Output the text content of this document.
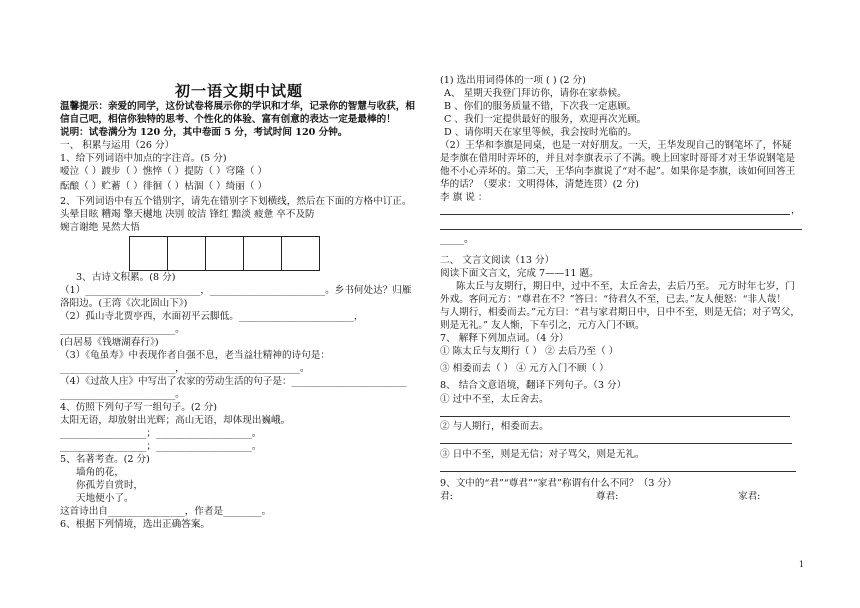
初一语文期中试题
温馨提示：亲爱的同学，这份试卷将展示你的学识和才华，记录你的智慧与收获，相
信自己吧，相信你独特的思考、个性化的体验、富有创意的表达一定是最棒的！
说明：试卷满分为 120 分，其中卷面 5 分，考试时间 120 分钟。
一、 积累与运用（26 分）
1、给下列词语中加点的字注音。(5 分)
嗳泣（ ）踱步（ ）憔悴（ ）提防（ ）穹隆（ ）
酝酿（ ）贮蓄（ ）徘徊（ ）枯涸（ ）绮丽（ ）
2、下列词语中有五个错别字，请先在错别字下划横线，然后在下面的方格中订正。
头晕目眩 糟竭 擎天樾地 决别 皎洁 锋红 黯淡 疲惫 卒不及防
婉言谢绝 晃然大悟
3、古诗文积累。(8 分)
（1）________________________，________________________。乡书何处达？归雁
洛阳边。(王湾《次北固山下》)
（2）孤山寺北贾亭西，水面初平云脚低。________________________，
________________________。
(白居易《钱塘湖春行》)
（3）《龟虽寿》中表现作者自强不息，老当益壮精神的诗句是：
________________________，________________________。
（4）《过故人庄》中写出了农家的劳动生活的句子是：________________________
________________________。
4、仿照下列句子写一组句子。(2 分)
太阳无语，却放射出光辉；高山无语，却体现出巍峨。
__________________；____________________。
__________________；____________________。
5、名著考查。(2 分)
墙角的花，
你孤芳自赏时，
天地便小了。
这首诗出自________________，作者是________。
6、根据下列情境，选出正确答案。
(1) 选出用词得体的一项 ( ) (2 分)
A、 星期天我登门拜访你，请你在家恭候。
B 、你们的服务质量不错，下次我一定惠顾。
C 、我们一定提供最好的服务，欢迎再次光顾。
D 、请你明天在家里等候，我会按时光临的。
（2）王华和李旗是同桌，也是一对好朋友。一天，王华发现自己的钢笔坏了，怀疑
是李旗在借用时弄坏的，并且对李旗表示了不满。晚上回家时哥哥才对王华说钢笔是
他不小心弄坏的。第二天，王华向李旗说了“对不起”。如果你是李旗，该如何回答王
华的话？（要求：文明得体，清楚连贯）(2 分)
李 旗 说 ：
，
_____。
二、 文言文阅读（13 分）
阅读下面文言文，完成 7——11 题。
陈太丘与友期行，期日中，过中不至，太丘舍去，去后乃至。 元方时年七岁，门
外戏。客问元方：“尊君在不？”答曰：“待君久不至，已去。”友人便怒：“非人哉！
与人期行，相委而去。”元方曰：“君与家君期日中，日中不至，则是无信；对子骂父，
则是无礼。” 友人惭，下车引之，元方入门不顾。
7、 解释下列加点词。（4 分）
① 陈太丘与友期行（ ） ② 去后乃至（ ）
③ 相委而去（ ） ④ 元方入门不顾（ ）
8、 结合文意语境，翻译下列句子。（3 分）
① 过中不至，太丘舍去。
② 与人期行，相委而去。
③ 日中不至，则是无信；对子骂父，则是无礼。
9、文中的“君”“尊君”“家君”称谓有什么不同？（3 分）
君:	尊君:	家君:
1
